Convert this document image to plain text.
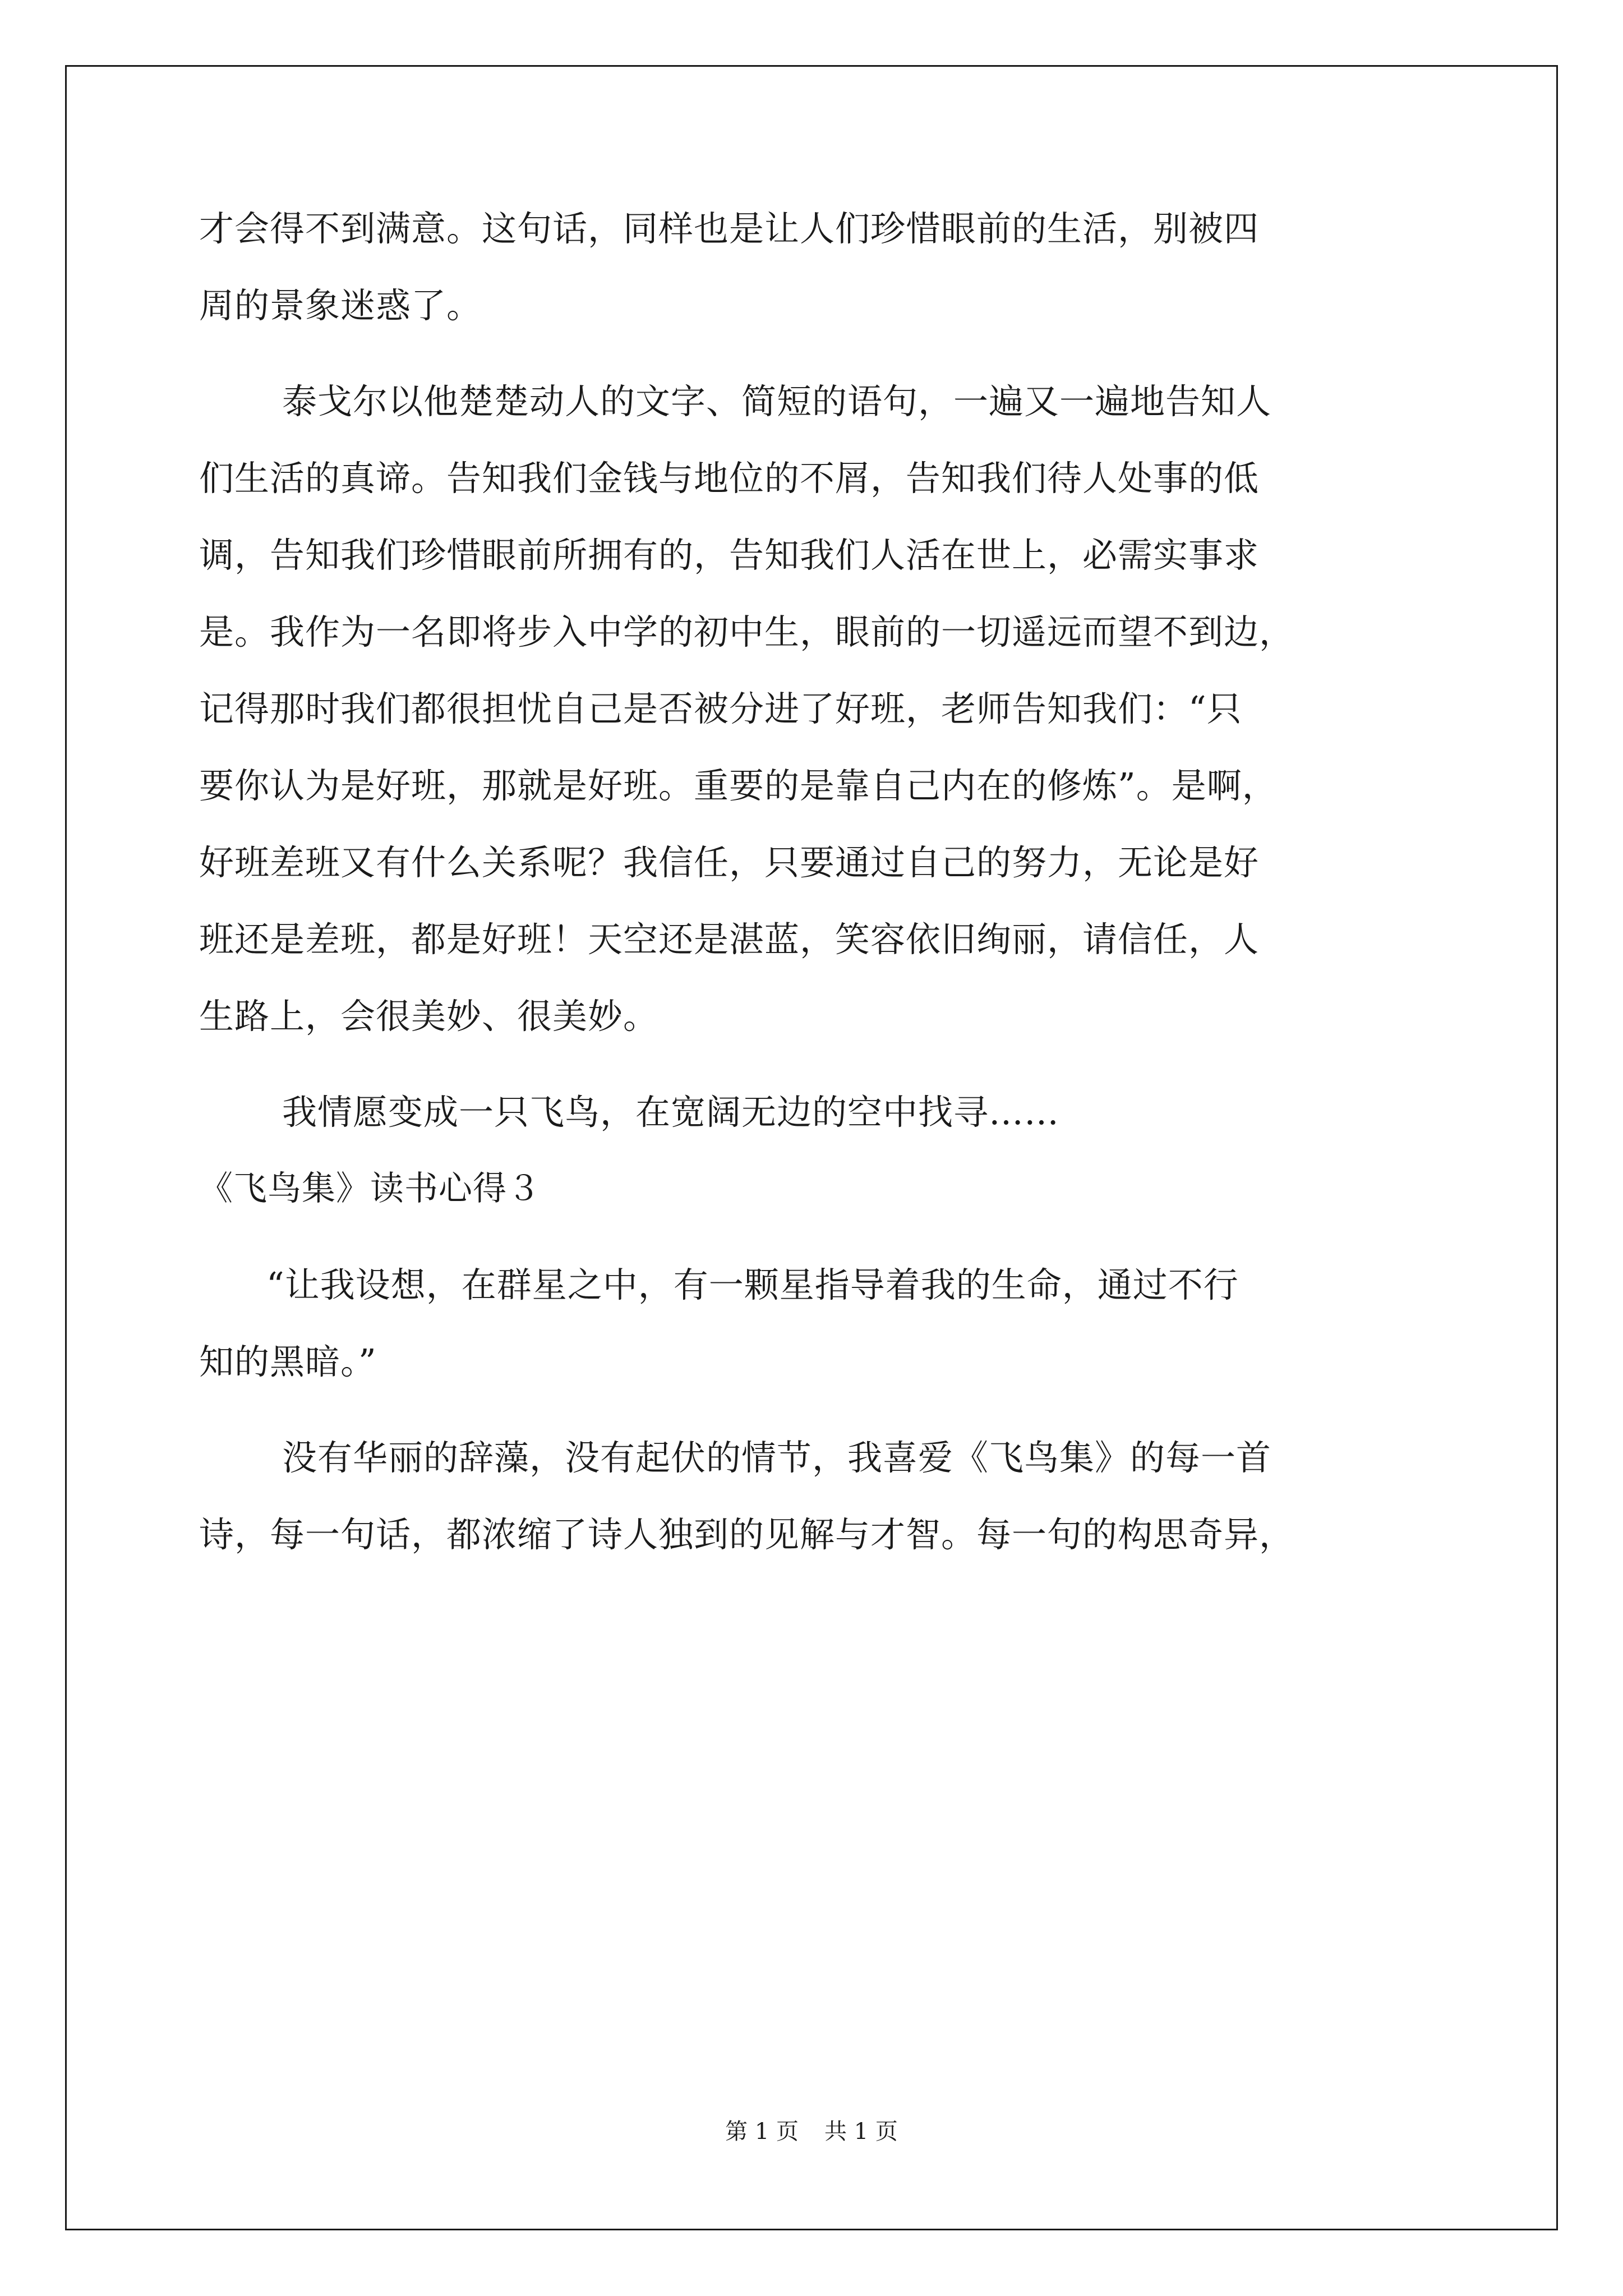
才会得不到满意。这句话，同样也是让人们珍惜眼前的生活，别被四
周的景象迷惑了。
泰戈尔以他楚楚动人的文字、简短的语句，一遍又一遍地告知人
们生活的真谛。告知我们金钱与地位的不屑，告知我们待人处事的低
调，告知我们珍惜眼前所拥有的，告知我们人活在世上，必需实事求
是。我作为一名即将步入中学的初中生，眼前的一切遥远而望不到边，
记得那时我们都很担忧自己是否被分进了好班，老师告知我们：“只
要你认为是好班，那就是好班。重要的是靠自己内在的修炼”。是啊，
好班差班又有什么关系呢？我信任，只要通过自己的努力，无论是好
班还是差班，都是好班！天空还是湛蓝，笑容依旧绚丽，请信任，人
生路上，会很美妙、很美妙。
我情愿变成一只飞鸟，在宽阔无边的空中找寻……
《飞鸟集》读书心得３
“让我设想，在群星之中，有一颗星指导着我的生命，通过不行
知的黑暗。”
没有华丽的辞藻，没有起伏的情节，我喜爱《飞鸟集》的每一首
诗，每一句话，都浓缩了诗人独到的见解与才智。每一句的构思奇异，
第 1 页 共 1 页
